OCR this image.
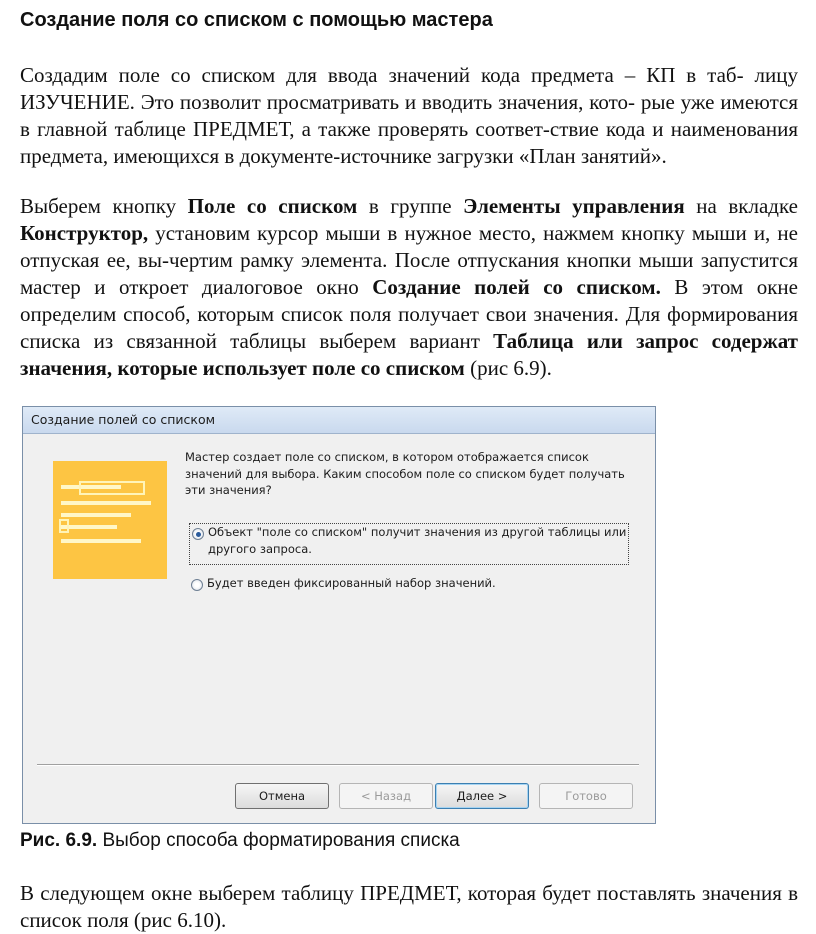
Создание поля со списком с помощью мастера

Создадим поле со списком для ввода значений кода предмета – КП в таб- лицу ИЗУЧЕНИЕ. Это позволит просматривать и вводить значения, кото- рые уже имеются в главной таблице ПРЕДМЕТ, а также проверять соответ-ствие кода и наименования предмета, имеющихся в документе-источнике загрузки «План занятий».

Выберем кнопку Поле со списком в группе Элементы управления на вкладке Конструктор, установим курсор мыши в нужное место, нажмем кнопку мыши и, не отпуская ее, вы-чертим рамку элемента. После отпускания кнопки мыши запустится мастер и откроет диалоговое окно Создание полей со списком. В этом окне определим способ, которым список поля получает свои значения. Для формирования списка из связанной таблицы выберем вариант Таблица или запрос содержат значения, которые использует поле со списком (рис 6.9).

Создание полей со списком

Мастер создает поле со списком, в котором отображается список значений для выбора. Каким способом поле со списком будет получать эти значения?

Объект "поле со списком" получит значения из другой таблицы или другого запроса.
Будет введен фиксированный набор значений.
Отмена	< Назад	Далее >	Готово

Рис. 6.9. Выбор способа форматирования списка

В следующем окне выберем таблицу ПРЕДМЕТ, которая будет поставлять значения в список поля (рис 6.10).
